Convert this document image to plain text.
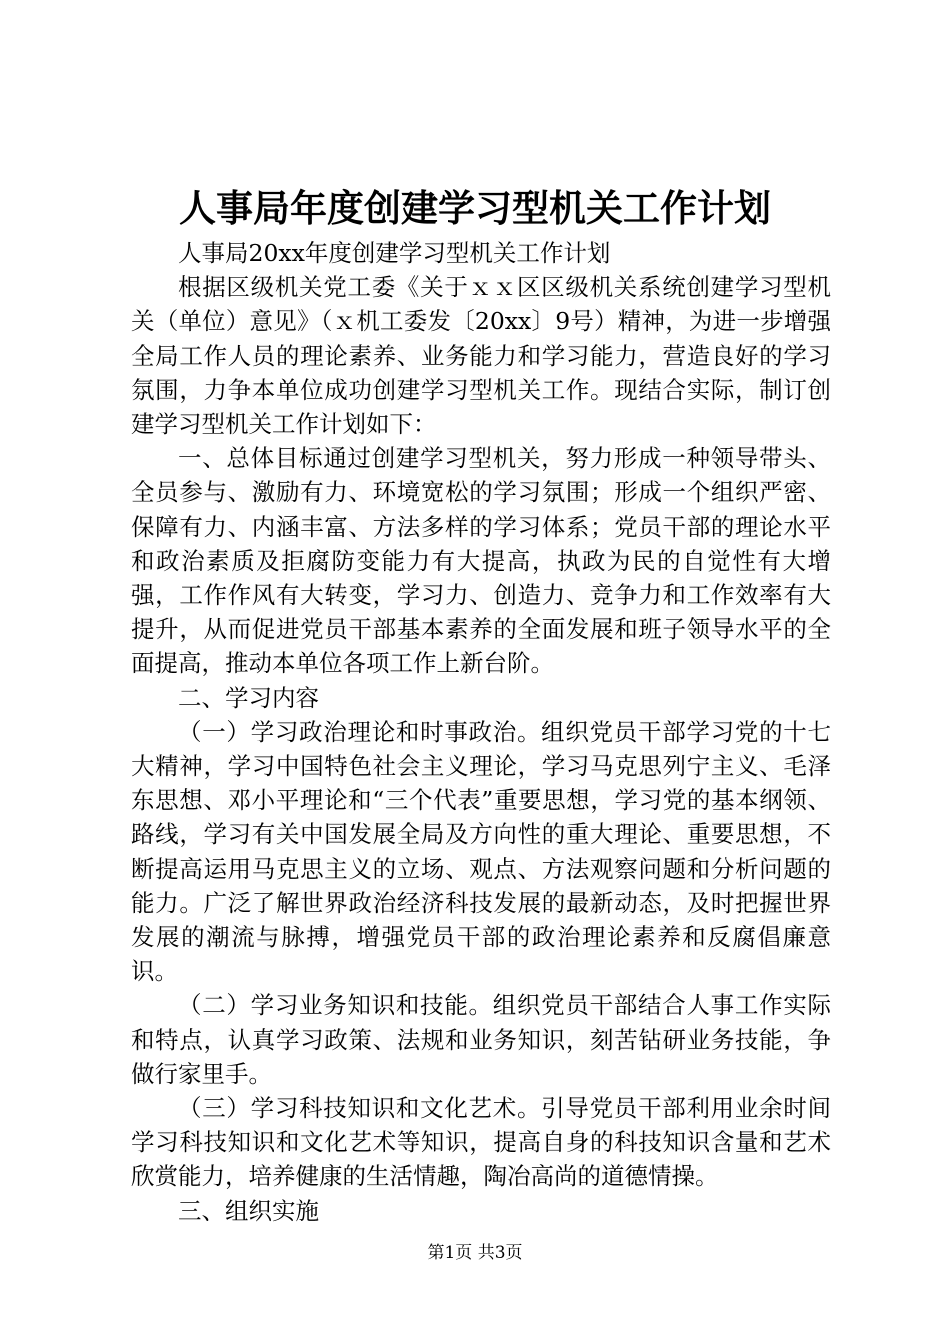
人事局年度创建学习型机关工作计划

人事局20xx年度创建学习型机关工作计划

根据区级机关党工委《关于ｘｘ区区级机关系统创建学习型机关（单位）意见》（ｘ机工委发〔20xx〕9号）精神，为进一步增强全局工作人员的理论素养、业务能力和学习能力，营造良好的学习氛围，力争本单位成功创建学习型机关工作。现结合实际，制订创建学习型机关工作计划如下：

一、总体目标通过创建学习型机关，努力形成一种领导带头、全员参与、激励有力、环境宽松的学习氛围；形成一个组织严密、保障有力、内涵丰富、方法多样的学习体系；党员干部的理论水平和政治素质及拒腐防变能力有大提高，执政为民的自觉性有大增强，工作作风有大转变，学习力、创造力、竞争力和工作效率有大提升，从而促进党员干部基本素养的全面发展和班子领导水平的全面提高，推动本单位各项工作上新台阶。

二、学习内容

（一）学习政治理论和时事政治。组织党员干部学习党的十七大精神，学习中国特色社会主义理论，学习马克思列宁主义、毛泽东思想、邓小平理论和“三个代表”重要思想，学习党的基本纲领、路线，学习有关中国发展全局及方向性的重大理论、重要思想，不断提高运用马克思主义的立场、观点、方法观察问题和分析问题的能力。广泛了解世界政治经济科技发展的最新动态，及时把握世界发展的潮流与脉搏，增强党员干部的政治理论素养和反腐倡廉意识。

（二）学习业务知识和技能。组织党员干部结合人事工作实际和特点，认真学习政策、法规和业务知识，刻苦钻研业务技能，争做行家里手。

（三）学习科技知识和文化艺术。引导党员干部利用业余时间学习科技知识和文化艺术等知识，提高自身的科技知识含量和艺术欣赏能力，培养健康的生活情趣，陶冶高尚的道德情操。

三、组织实施

第1页 共3页
